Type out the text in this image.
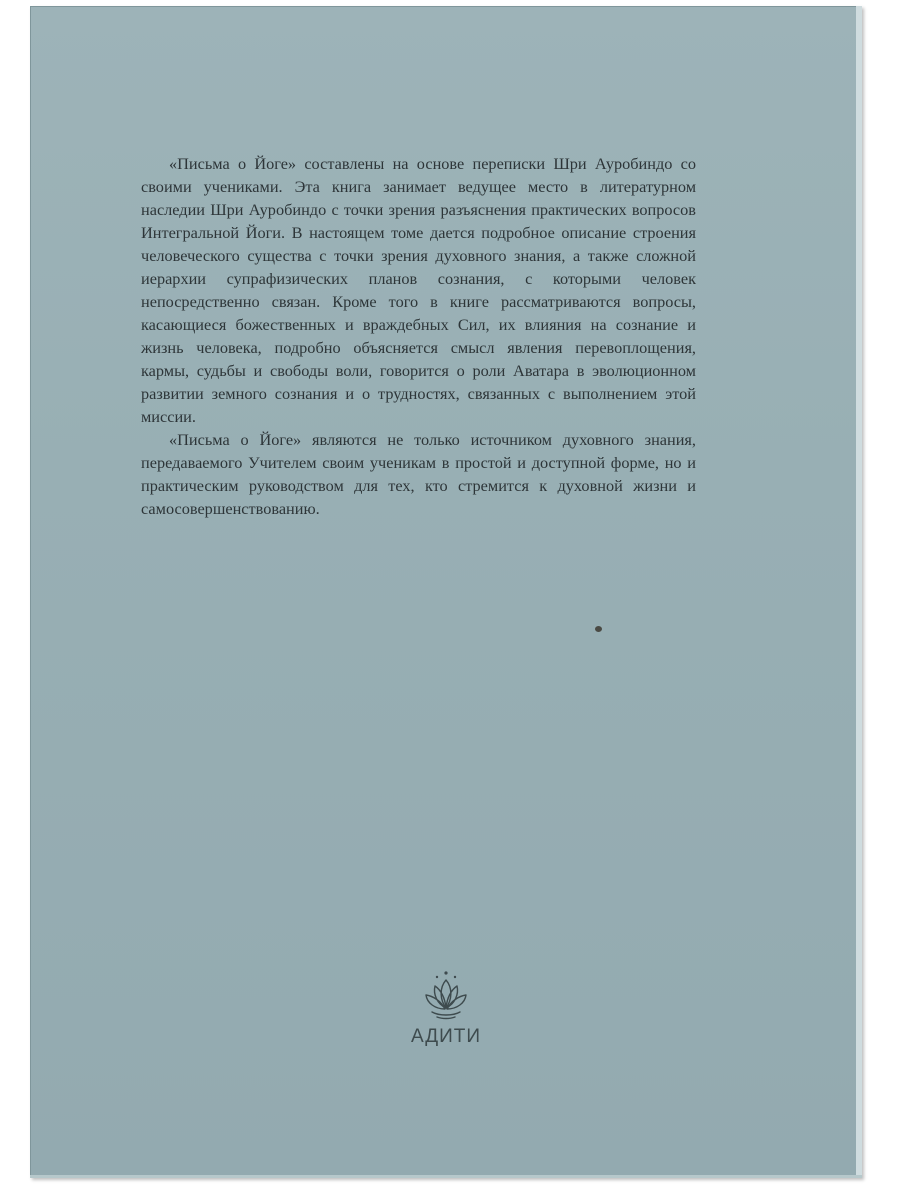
«Письма о Йоге» составлены на основе переписки Шри Ауробиндо со своими учениками. Эта книга занимает ведущее место в литературном наследии Шри Ауробиндо с точки зрения разъяснения практических вопросов Интегральной Йоги. В настоящем томе дается подробное описание строения человеческого существа с точки зрения духовного знания, а также сложной иерархии супрафизических планов сознания, с которыми человек непосредственно связан. Кроме того в книге рассматриваются вопросы, касающиеся божественных и враждебных Сил, их влияния на сознание и жизнь человека, подробно объясняется смысл явления перевоплощения, кармы, судьбы и свободы воли, говорится о роли Аватара в эволюционном развитии земного сознания и о трудностях, связанных с выполнением этой миссии.

«Письма о Йоге» являются не только источником духовного знания, передаваемого Учителем своим ученикам в простой и доступной форме, но и практическим руководством для тех, кто стремится к духовной жизни и самосовершенствованию.

АДИТИ
